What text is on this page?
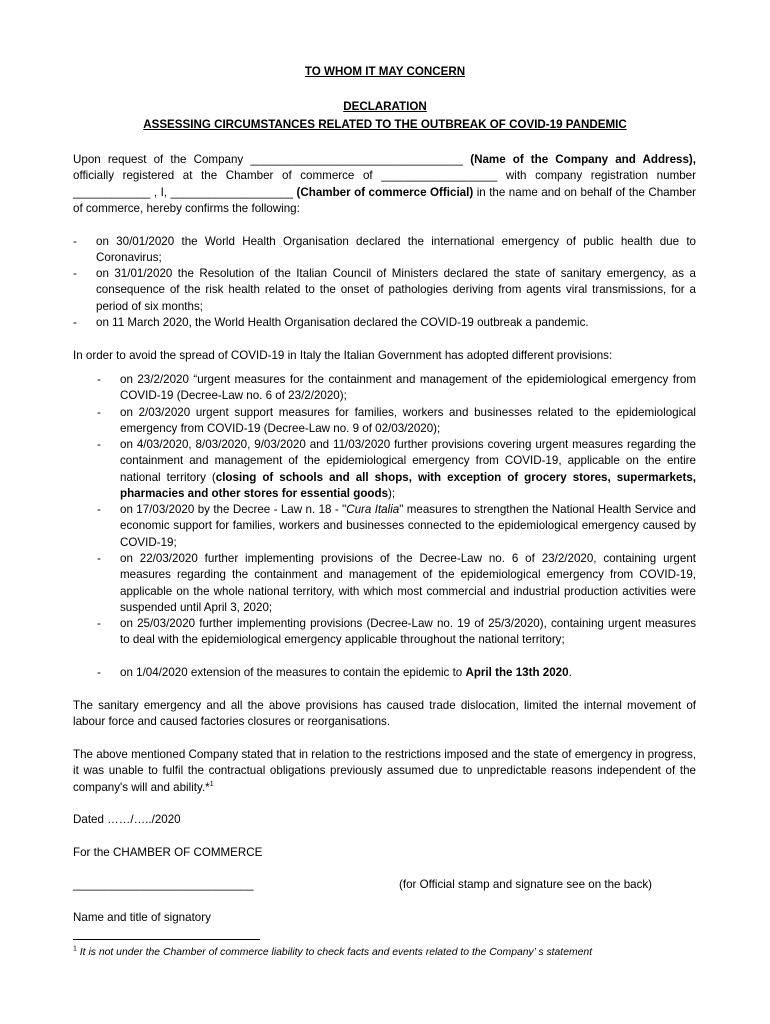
TO WHOM IT MAY CONCERN
DECLARATION
ASSESSING CIRCUMSTANCES RELATED TO THE OUTBREAK OF COVID-19 PANDEMIC
Upon request of the Company _________________________________ (Name of the Company and Address), officially registered at the Chamber of commerce of __________________ with company registration number ____________ , I, ___________________ (Chamber of commerce Official) in the name and on behalf of the Chamber of commerce, hereby confirms the following:
- on 30/01/2020 the World Health Organisation declared the international emergency of public health due to Coronavirus;
- on 31/01/2020 the Resolution of the Italian Council of Ministers declared the state of sanitary emergency, as a consequence of the risk health related to the onset of pathologies deriving from agents viral transmissions, for a period of six months;
- on 11 March 2020, the World Health Organisation declared the COVID-19 outbreak a pandemic.
In order to avoid the spread of COVID-19 in Italy the Italian Government has adopted different provisions:
- on 23/2/2020 “urgent measures for the containment and management of the epidemiological emergency from COVID-19 (Decree-Law no. 6 of 23/2/2020);
- on 2/03/2020 urgent support measures for families, workers and businesses related to the epidemiological emergency from COVID-19 (Decree-Law no. 9 of 02/03/2020);
- on 4/03/2020, 8/03/2020, 9/03/2020 and 11/03/2020 further provisions covering urgent measures regarding the containment and management of the epidemiological emergency from COVID-19, applicable on the entire national territory (closing of schools and all shops, with exception of grocery stores, supermarkets, pharmacies and other stores for essential goods);
- on 17/03/2020 by the Decree - Law n. 18 - "Cura Italia" measures to strengthen the National Health Service and economic support for families, workers and businesses connected to the epidemiological emergency caused by COVID-19;
- on 22/03/2020 further implementing provisions of the Decree-Law no. 6 of 23/2/2020, containing urgent measures regarding the containment and management of the epidemiological emergency from COVID-19, applicable on the whole national territory, with which most commercial and industrial production activities were suspended until April 3, 2020;
- on 25/03/2020 further implementing provisions (Decree-Law no. 19 of 25/3/2020), containing urgent measures to deal with the epidemiological emergency applicable throughout the national territory;
- on 1/04/2020 extension of the measures to contain the epidemic to April the 13th 2020.
The sanitary emergency and all the above provisions has caused trade dislocation, limited the internal movement of labour force and caused factories closures or reorganisations.
The above mentioned Company stated that in relation to the restrictions imposed and the state of emergency in progress, it was unable to fulfil the contractual obligations previously assumed due to unpredictable reasons independent of the company's will and ability.*$^1$
Dated ……/…../2020
For the CHAMBER OF COMMERCE
____________________________	(for Official stamp and signature see on the back)
Name and title of signatory
$^1$ It is not under the Chamber of commerce liability to check facts and events related to the Company’ s statement
